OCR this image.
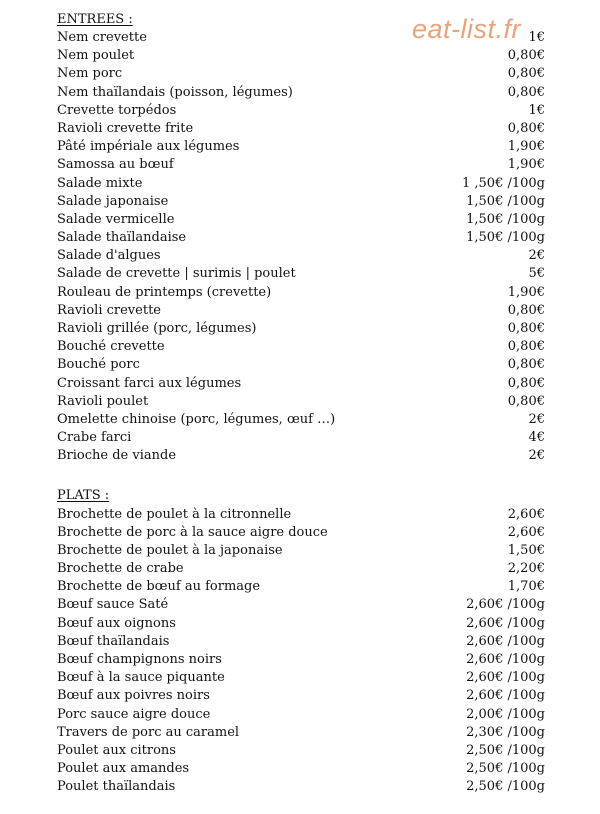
eat-list.fr
ENTREES :
Nem crevette	1€
Nem poulet	0,80€
Nem porc	0,80€
Nem thaïlandais (poisson, légumes)	0,80€
Crevette torpédos	1€
Ravioli crevette frite	0,80€
Pâté impériale aux légumes	1,90€
Samossa au bœuf	1,90€
Salade mixte	1 ,50€ /100g
Salade japonaise	1,50€ /100g
Salade vermicelle	1,50€ /100g
Salade thaïlandaise	1,50€ /100g
Salade d'algues	2€
Salade de crevette | surimis | poulet	5€
Rouleau de printemps (crevette)	1,90€
Ravioli crevette	0,80€
Ravioli grillée (porc, légumes)	0,80€
Bouché crevette	0,80€
Bouché porc	0,80€
Croissant farci aux légumes	0,80€
Ravioli poulet	0,80€
Omelette chinoise (porc, légumes, œuf …)	2€
Crabe farci	4€
Brioche de viande	2€
PLATS :
Brochette de poulet à la citronnelle	2,60€
Brochette de porc à la sauce aigre douce	2,60€
Brochette de poulet à la japonaise	1,50€
Brochette de crabe	2,20€
Brochette de bœuf au formage	1,70€
Bœuf sauce Saté	2,60€ /100g
Bœuf aux oignons	2,60€ /100g
Bœuf thaïlandais	2,60€ /100g
Bœuf champignons noirs	2,60€ /100g
Bœuf à la sauce piquante	2,60€ /100g
Bœuf aux poivres noirs	2,60€ /100g
Porc sauce aigre douce	2,00€ /100g
Travers de porc au caramel	2,30€ /100g
Poulet aux citrons	2,50€ /100g
Poulet aux amandes	2,50€ /100g
Poulet thaïlandais	2,50€ /100g
